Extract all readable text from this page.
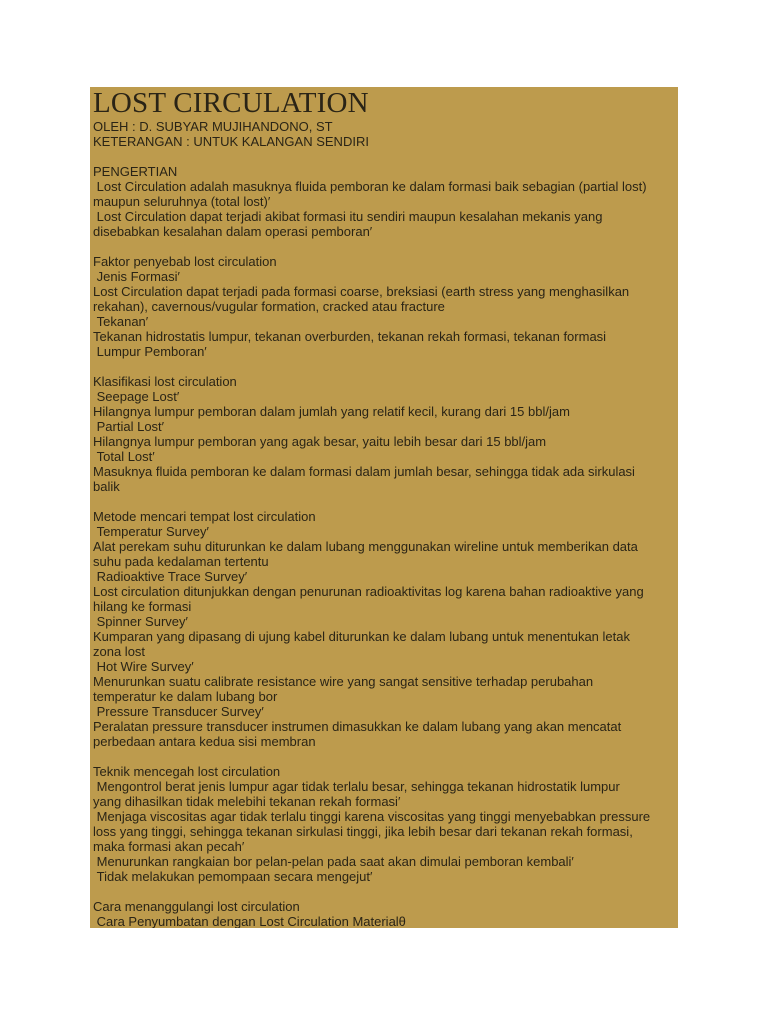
LOST CIRCULATION
OLEH : D. SUBYAR MUJIHANDONO, ST
KETERANGAN : UNTUK KALANGAN SENDIRI
PENGERTIAN
Lost Circulation adalah masuknya fluida pemboran ke dalam formasi baik sebagian (partial lost)
maupun seluruhnya (total lost)′
Lost Circulation dapat terjadi akibat formasi itu sendiri maupun kesalahan mekanis yang
disebabkan kesalahan dalam operasi pemboran′
Faktor penyebab lost circulation
Jenis Formasi′
Lost Circulation dapat terjadi pada formasi coarse, breksiasi (earth stress yang menghasilkan
rekahan), cavernous/vugular formation, cracked atau fracture
Tekanan′
Tekanan hidrostatis lumpur, tekanan overburden, tekanan rekah formasi, tekanan formasi
Lumpur Pemboran′
Klasifikasi lost circulation
Seepage Lost′
Hilangnya lumpur pemboran dalam jumlah yang relatif kecil, kurang dari 15 bbl/jam
Partial Lost′
Hilangnya lumpur pemboran yang agak besar, yaitu lebih besar dari 15 bbl/jam
Total Lost′
Masuknya fluida pemboran ke dalam formasi dalam jumlah besar, sehingga tidak ada sirkulasi
balik
Metode mencari tempat lost circulation
Temperatur Survey′
Alat perekam suhu diturunkan ke dalam lubang menggunakan wireline untuk memberikan data
suhu pada kedalaman tertentu
Radioaktive Trace Survey′
Lost circulation ditunjukkan dengan penurunan radioaktivitas log karena bahan radioaktive yang
hilang ke formasi
Spinner Survey′
Kumparan yang dipasang di ujung kabel diturunkan ke dalam lubang untuk menentukan letak
zona lost
Hot Wire Survey′
Menurunkan suatu calibrate resistance wire yang sangat sensitive terhadap perubahan
temperatur ke dalam lubang bor
Pressure Transducer Survey′
Peralatan pressure transducer instrumen dimasukkan ke dalam lubang yang akan mencatat
perbedaan antara kedua sisi membran
Teknik mencegah lost circulation
Mengontrol berat jenis lumpur agar tidak terlalu besar, sehingga tekanan hidrostatik lumpur
yang dihasilkan tidak melebihi tekanan rekah formasi′
Menjaga viscositas agar tidak terlalu tinggi karena viscositas yang tinggi menyebabkan pressure
loss yang tinggi, sehingga tekanan sirkulasi tinggi, jika lebih besar dari tekanan rekah formasi,
maka formasi akan pecah′
Menurunkan rangkaian bor pelan-pelan pada saat akan dimulai pemboran kembali′
Tidak melakukan pemompaan secara mengejut′
Cara menanggulangi lost circulation
Cara Penyumbatan dengan Lost Circulation Materialθ
